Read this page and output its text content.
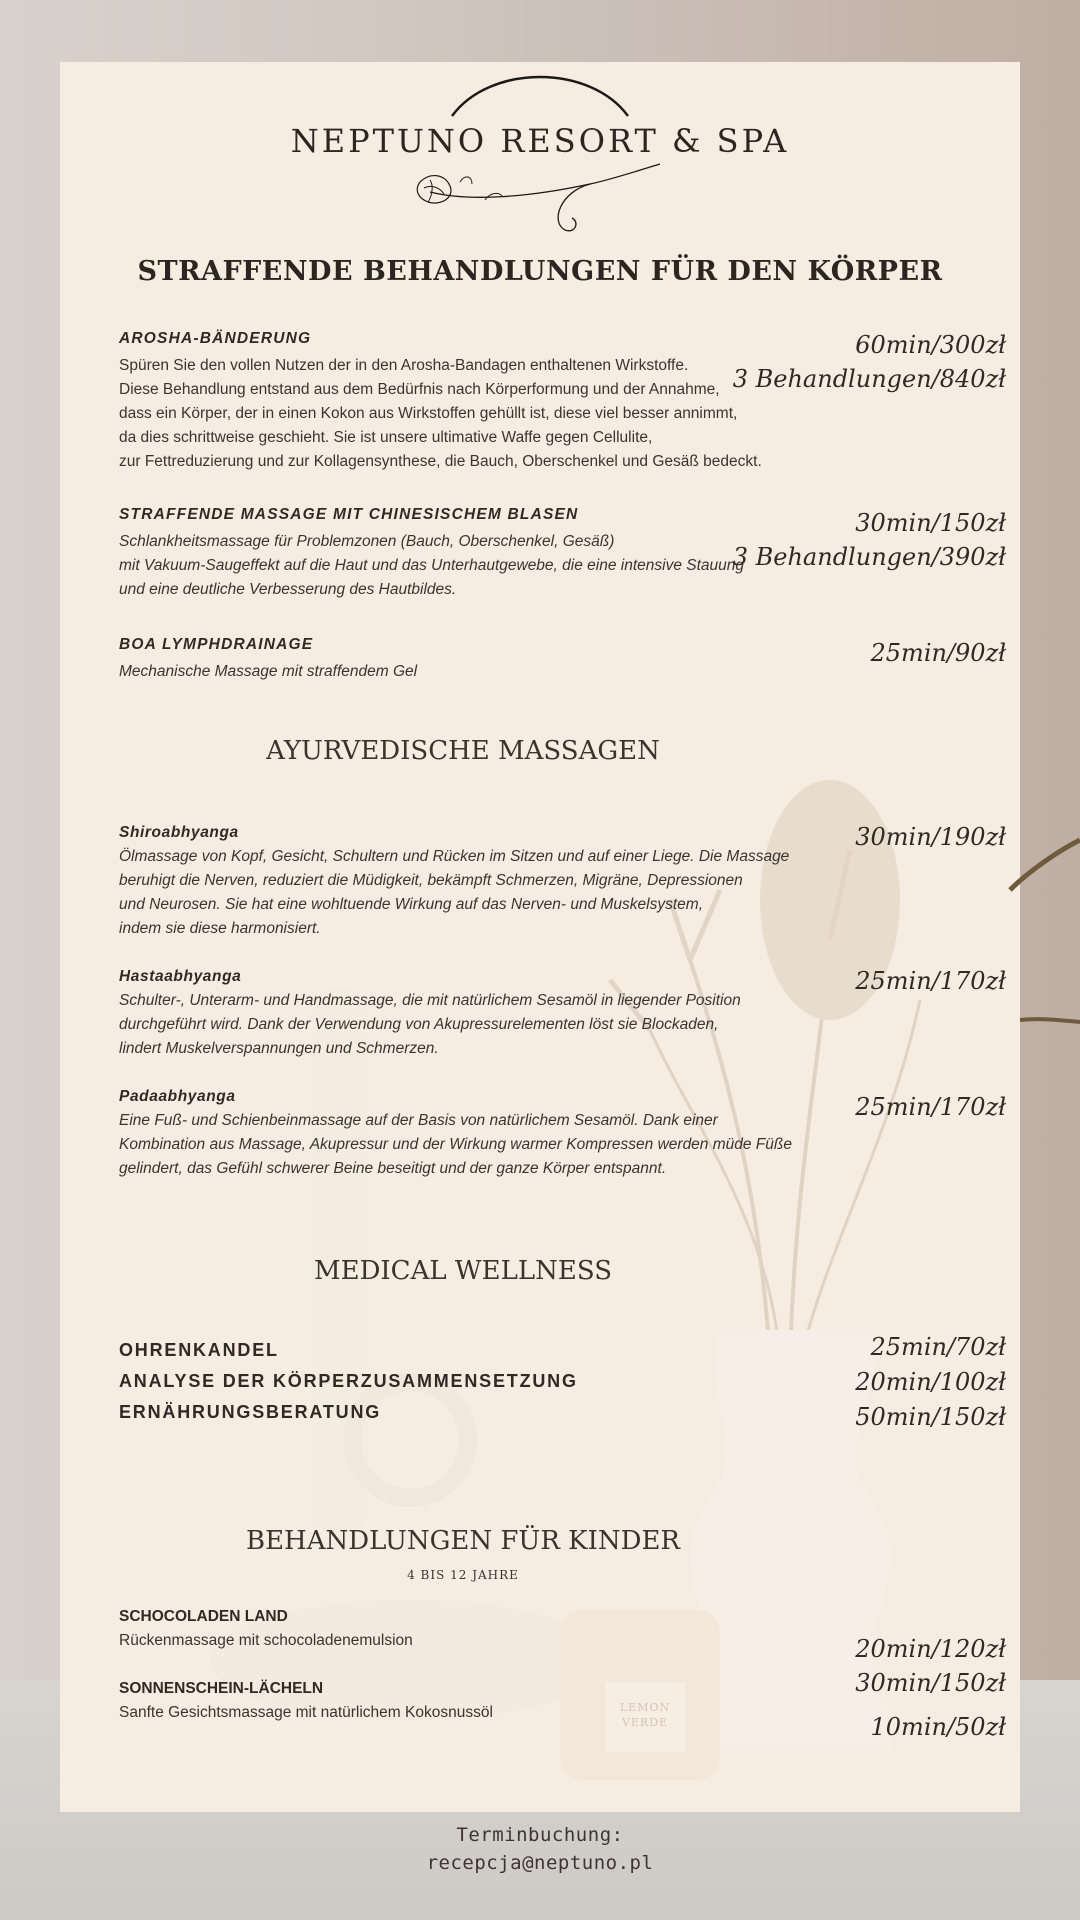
LEMON
VERDE
NEPTUNO RESORT & SPA
STRAFFENDE BEHANDLUNGEN FÜR DEN KÖRPER
AROSHA-BÄNDERUNG
Spüren Sie den vollen Nutzen der in den Arosha-Bandagen enthaltenen Wirkstoffe.
Diese Behandlung entstand aus dem Bedürfnis nach Körperformung und der Annahme,
dass ein Körper, der in einen Kokon aus Wirkstoffen gehüllt ist, diese viel besser annimmt,
da dies schrittweise geschieht. Sie ist unsere ultimative Waffe gegen Cellulite,
zur Fettreduzierung und zur Kollagensynthese, die Bauch, Oberschenkel und Gesäß bedeckt.
60min/300zł
3 Behandlungen/840zł
STRAFFENDE MASSAGE MIT CHINESISCHEM BLASEN
Schlankheitsmassage für Problemzonen (Bauch, Oberschenkel, Gesäß)
mit Vakuum-Saugeffekt auf die Haut und das Unterhautgewebe, die eine intensive Stauung
und eine deutliche Verbesserung des Hautbildes.
30min/150zł
3 Behandlungen/390zł
BOA LYMPHDRAINAGE
Mechanische Massage mit straffendem Gel
25min/90zł
AYURVEDISCHE MASSAGEN
Shiroabhyanga
Ölmassage von Kopf, Gesicht, Schultern und Rücken im Sitzen und auf einer Liege. Die Massage
beruhigt die Nerven, reduziert die Müdigkeit, bekämpft Schmerzen, Migräne, Depressionen
und Neurosen. Sie hat eine wohltuende Wirkung auf das Nerven- und Muskelsystem,
indem sie diese harmonisiert.
30min/190zł
Hastaabhyanga
Schulter-, Unterarm- und Handmassage, die mit natürlichem Sesamöl in liegender Position
durchgeführt wird. Dank der Verwendung von Akupressurelementen löst sie Blockaden,
lindert Muskelverspannungen und Schmerzen.
25min/170zł
Padaabhyanga
Eine Fuß- und Schienbeinmassage auf der Basis von natürlichem Sesamöl. Dank einer
Kombination aus Massage, Akupressur und der Wirkung warmer Kompressen werden müde Füße
gelindert, das Gefühl schwerer Beine beseitigt und der ganze Körper entspannt.
25min/170zł
MEDICAL WELLNESS
OHRENKANDEL	25min/70zł
ANALYSE DER KÖRPERZUSAMMENSETZUNG	20min/100zł
ERNÄHRUNGSBERATUNG	50min/150zł
BEHANDLUNGEN FÜR KINDER
4 BIS 12 JAHRE
SCHOCOLADEN LAND
Rückenmassage mit schocoladenemulsion
SONNENSCHEIN-LÄCHELN
Sanfte Gesichtsmassage mit natürlichem Kokosnussöl
20min/120zł
30min/150zł
10min/50zł
Terminbuchung:
recepcja@neptuno.pl
